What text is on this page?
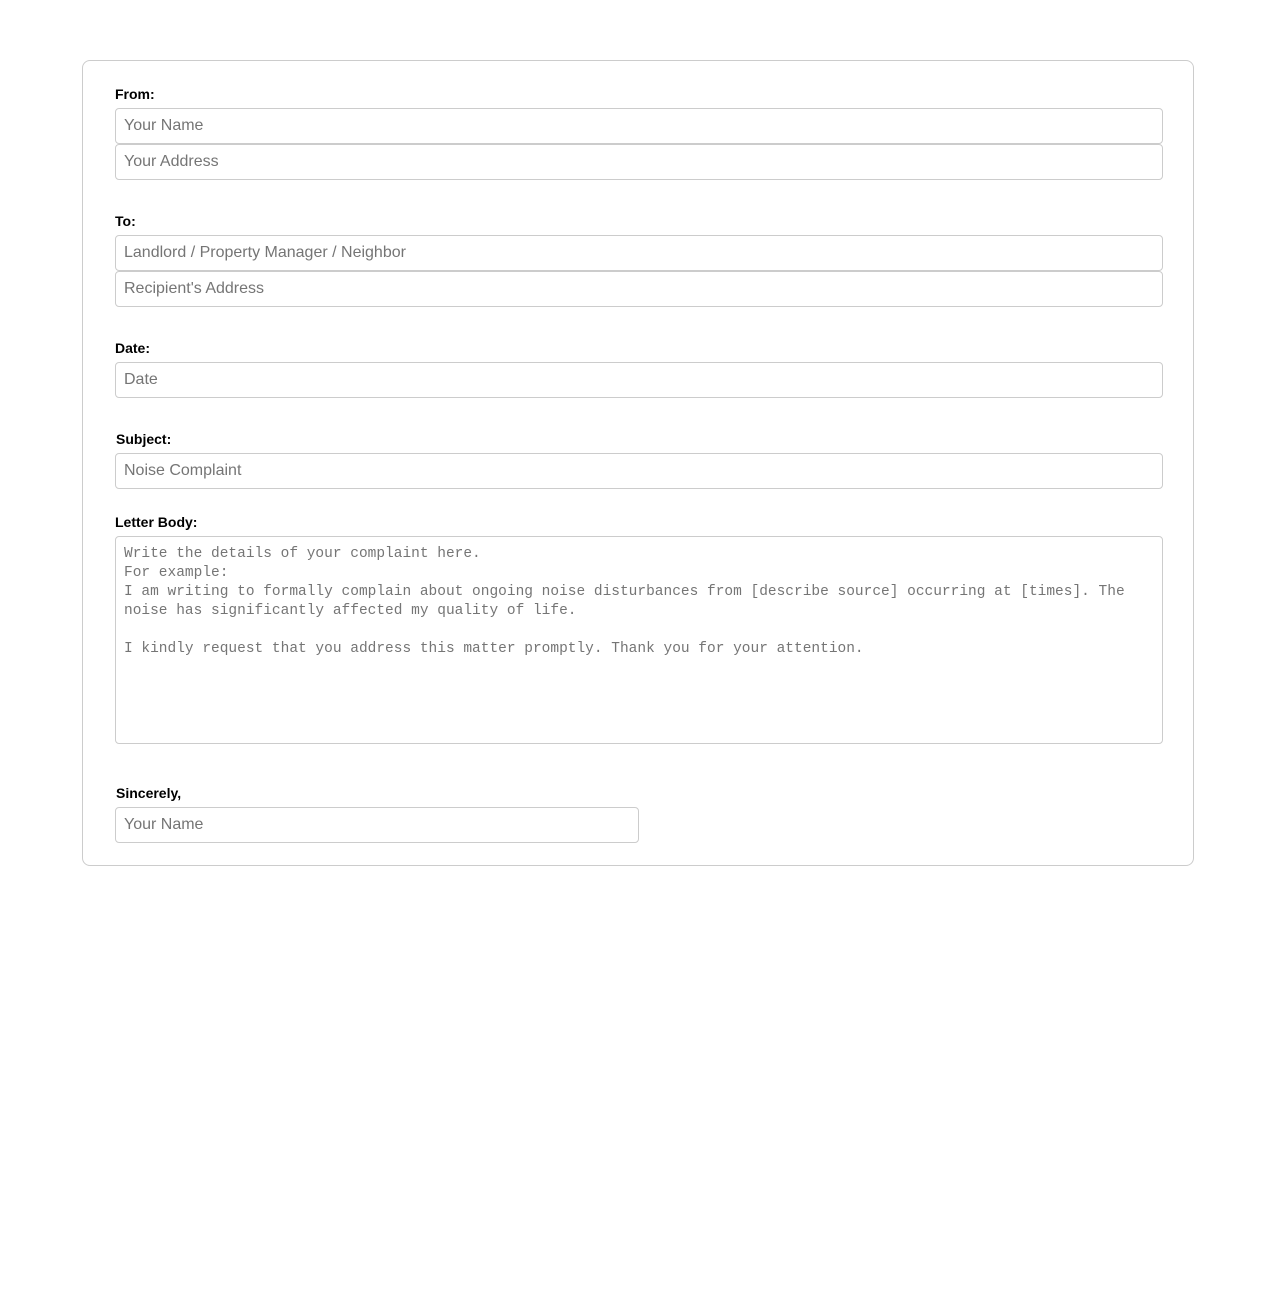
From:
Your Name
Your Address
To:
Landlord / Property Manager / Neighbor
Recipient's Address
Date:
Date
Subject:
Noise Complaint
Letter Body:
Write the details of your complaint here. For example: I am writing to formally complain about ongoing noise disturbances from [describe source] occurring at [times]. The noise has significantly affected my quality of life. I kindly request that you address this matter promptly. Thank you for your attention.
Sincerely,
Your Name
